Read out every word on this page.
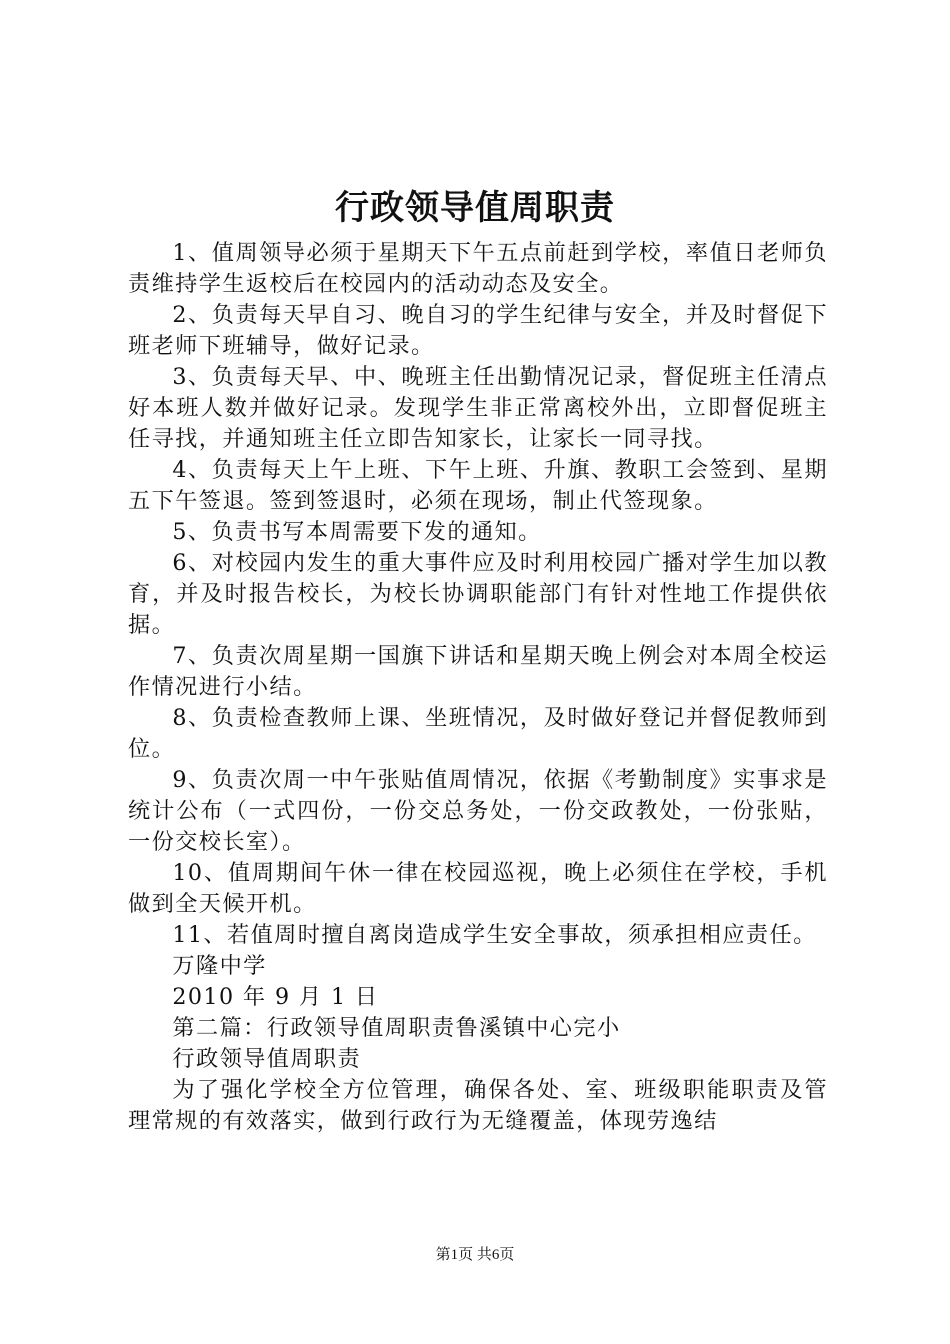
行政领导值周职责

1、值周领导必须于星期天下午五点前赶到学校，率值日老师负责维持学生返校后在校园内的活动动态及安全。

2、负责每天早自习、晚自习的学生纪律与安全，并及时督促下班老师下班辅导，做好记录。

3、负责每天早、中、晚班主任出勤情况记录，督促班主任清点好本班人数并做好记录。发现学生非正常离校外出，立即督促班主任寻找，并通知班主任立即告知家长，让家长一同寻找。

4、负责每天上午上班、下午上班、升旗、教职工会签到、星期五下午签退。签到签退时，必须在现场，制止代签现象。

5、负责书写本周需要下发的通知。

6、对校园内发生的重大事件应及时利用校园广播对学生加以教育，并及时报告校长，为校长协调职能部门有针对性地工作提供依据。

7、负责次周星期一国旗下讲话和星期天晚上例会对本周全校运作情况进行小结。

8、负责检查教师上课、坐班情况，及时做好登记并督促教师到位。

9、负责次周一中午张贴值周情况，依据《考勤制度》实事求是统计公布（一式四份，一份交总务处，一份交政教处，一份张贴，一份交校长室）。

10、值周期间午休一律在校园巡视，晚上必须住在学校，手机做到全天候开机。

11、若值周时擅自离岗造成学生安全事故，须承担相应责任。

万隆中学

2010 年 9 月 1 日

第二篇：行政领导值周职责鲁溪镇中心完小

行政领导值周职责

为了强化学校全方位管理，确保各处、室、班级职能职责及管理常规的有效落实，做到行政行为无缝覆盖，体现劳逸结

第1页 共6页
